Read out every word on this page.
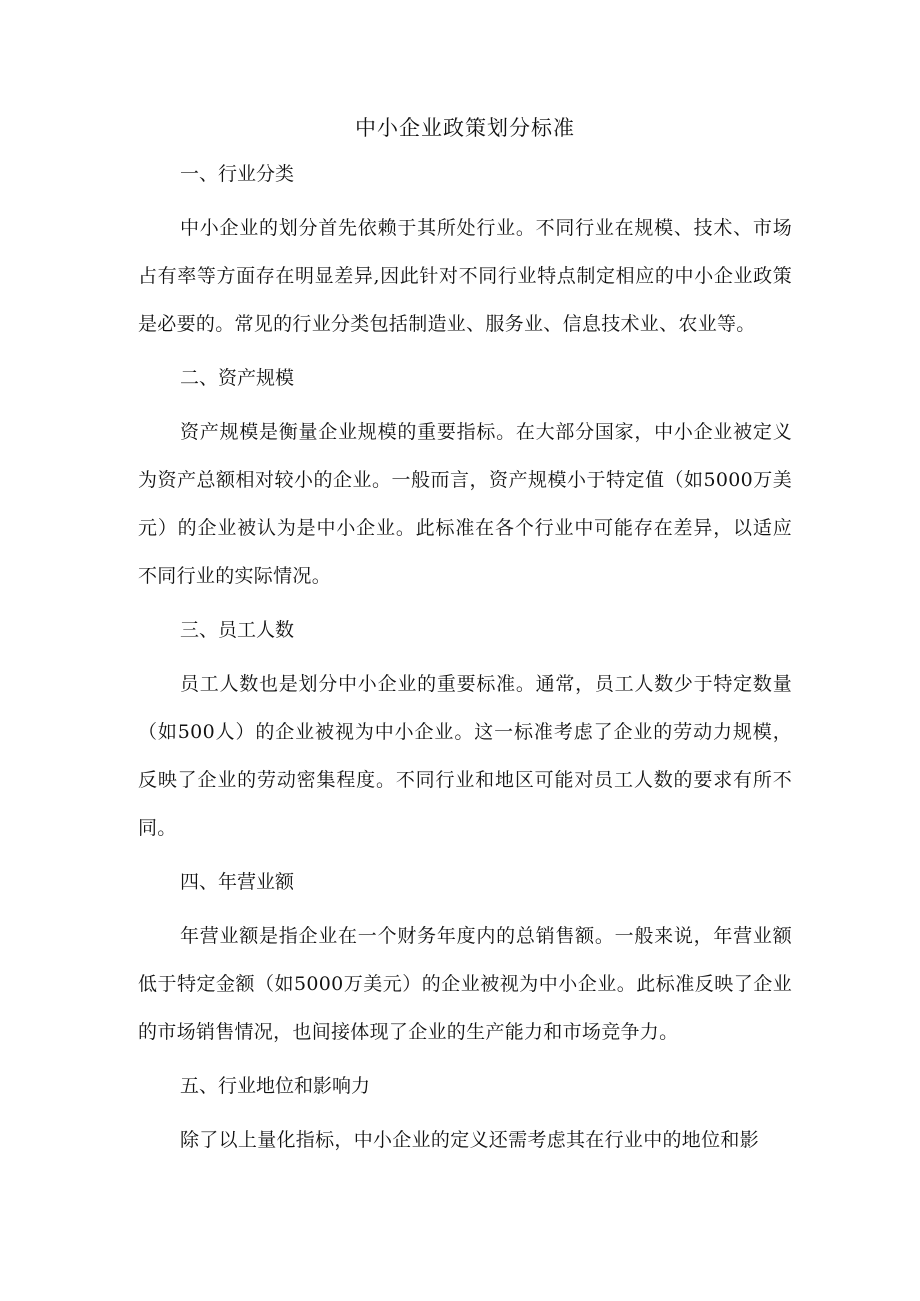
中小企业政策划分标准

一、行业分类

中小企业的划分首先依赖于其所处行业。不同行业在规模、技术、市场占有率等方面存在明显差异,因此针对不同行业特点制定相应的中小企业政策是必要的。常见的行业分类包括制造业、服务业、信息技术业、农业等。

二、资产规模

资产规模是衡量企业规模的重要指标。在大部分国家，中小企业被定义为资产总额相对较小的企业。一般而言，资产规模小于特定值（如5000万美元）的企业被认为是中小企业。此标准在各个行业中可能存在差异，以适应不同行业的实际情况。

三、员工人数

员工人数也是划分中小企业的重要标准。通常，员工人数少于特定数量（如500人）的企业被视为中小企业。这一标准考虑了企业的劳动力规模，反映了企业的劳动密集程度。不同行业和地区可能对员工人数的要求有所不同。

四、年营业额

年营业额是指企业在一个财务年度内的总销售额。一般来说，年营业额低于特定金额（如5000万美元）的企业被视为中小企业。此标准反映了企业的市场销售情况，也间接体现了企业的生产能力和市场竞争力。

五、行业地位和影响力

除了以上量化指标，中小企业的定义还需考虑其在行业中的地位和影
